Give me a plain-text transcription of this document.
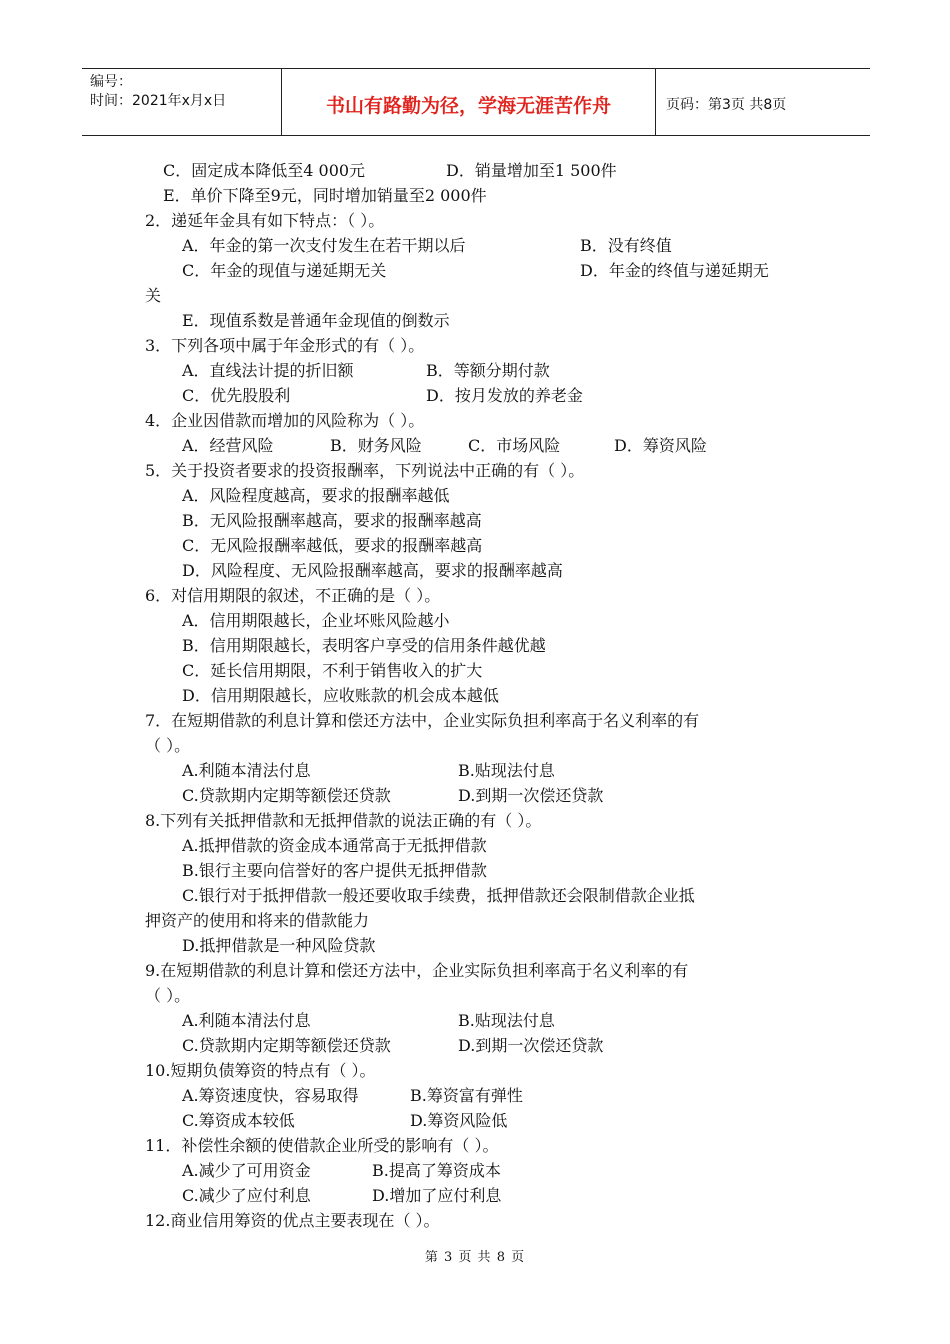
编号：
时间：2021年x月x日	书山有路勤为径，学海无涯苦作舟	页码：第3页 共8页
C．固定成本降低至4 000元	D．销量增加至1 500件
E．单价下降至9元，同时增加销量至2 000件
2．递延年金具有如下特点：（ ）。
A．年金的第一次支付发生在若干期以后	B．没有终值
C．年金的现值与递延期无关	D．年金的终值与递延期无
关
E．现值系数是普通年金现值的倒数示
3．下列各项中属于年金形式的有（ ）。
A．直线法计提的折旧额	B．等额分期付款
C．优先股股利	D．按月发放的养老金
4．企业因借款而增加的风险称为（ ）。
A．经营风险	B．财务风险	C．市场风险	D．筹资风险
5．关于投资者要求的投资报酬率，下列说法中正确的有（ ）。
A．风险程度越高，要求的报酬率越低
B．无风险报酬率越高，要求的报酬率越高
C．无风险报酬率越低，要求的报酬率越高
D．风险程度、无风险报酬率越高，要求的报酬率越高
6．对信用期限的叙述，不正确的是（ ）。
A．信用期限越长，企业坏账风险越小
B．信用期限越长，表明客户享受的信用条件越优越
C．延长信用期限，不利于销售收入的扩大
D．信用期限越长，应收账款的机会成本越低
7．在短期借款的利息计算和偿还方法中，企业实际负担利率高于名义利率的有
（ ）。
A.利随本清法付息	B.贴现法付息
C.贷款期内定期等额偿还贷款	D.到期一次偿还贷款
8.下列有关抵押借款和无抵押借款的说法正确的有（ ）。
A.抵押借款的资金成本通常高于无抵押借款
B.银行主要向信誉好的客户提供无抵押借款
C.银行对于抵押借款一般还要收取手续费，抵押借款还会限制借款企业抵
押资产的使用和将来的借款能力
D.抵押借款是一种风险贷款
9.在短期借款的利息计算和偿还方法中，企业实际负担利率高于名义利率的有
（ ）。
A.利随本清法付息	B.贴现法付息
C.贷款期内定期等额偿还贷款	D.到期一次偿还贷款
10.短期负债筹资的特点有（ ）。
A.筹资速度快，容易取得	B.筹资富有弹性
C.筹资成本较低	D.筹资风险低
11．补偿性余额的使借款企业所受的影响有（ ）。
A.减少了可用资金	B.提高了筹资成本
C.减少了应付利息	D.增加了应付利息
12.商业信用筹资的优点主要表现在（ ）。
第 3 页 共 8 页
